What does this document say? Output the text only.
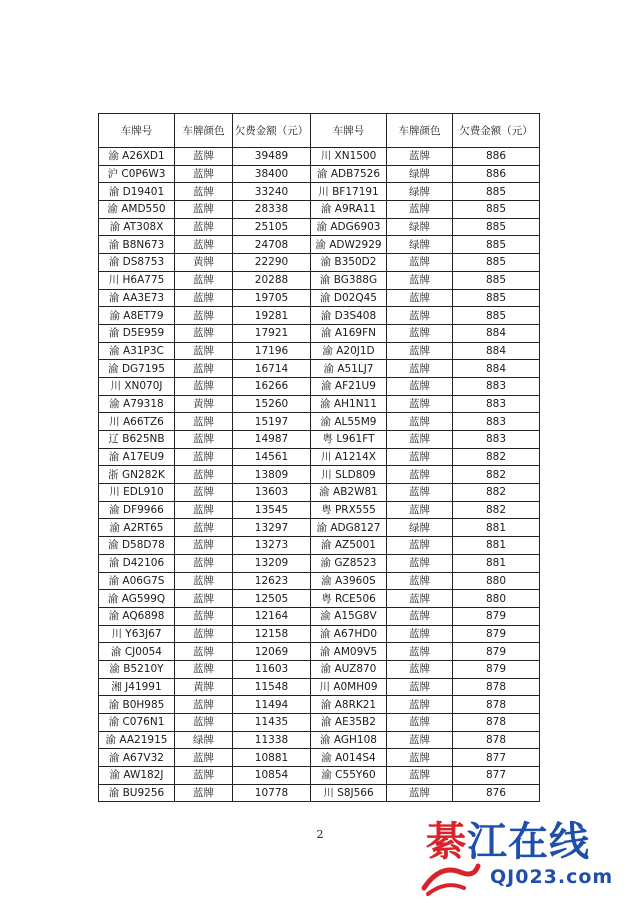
车牌号	车牌颜色	欠费金额（元）	车牌号	车牌颜色	欠费金额（元）
渝 A26XD1	蓝牌	39489	川 XN1500	蓝牌	886
沪 C0P6W3	蓝牌	38400	渝 ADB7526	绿牌	886
渝 D19401	蓝牌	33240	川 BF17191	绿牌	885
渝 AMD550	蓝牌	28338	渝 A9RA11	蓝牌	885
渝 AT308X	蓝牌	25105	渝 ADG6903	绿牌	885
渝 B8N673	蓝牌	24708	渝 ADW2929	绿牌	885
渝 DS8753	黄牌	22290	渝 B350D2	蓝牌	885
川 H6A775	蓝牌	20288	渝 BG388G	蓝牌	885
渝 AA3E73	蓝牌	19705	渝 D02Q45	蓝牌	885
渝 A8ET79	蓝牌	19281	渝 D3S408	蓝牌	885
渝 D5E959	蓝牌	17921	渝 A169FN	蓝牌	884
渝 A31P3C	蓝牌	17196	渝 A20J1D	蓝牌	884
渝 DG7195	蓝牌	16714	渝 A51LJ7	蓝牌	884
川 XN070J	蓝牌	16266	渝 AF21U9	蓝牌	883
渝 A79318	黄牌	15260	渝 AH1N11	蓝牌	883
川 A66TZ6	蓝牌	15197	渝 AL55M9	蓝牌	883
辽 B625NB	蓝牌	14987	粤 L961FT	蓝牌	883
渝 A17EU9	蓝牌	14561	川 A1214X	蓝牌	882
浙 GN282K	蓝牌	13809	川 SLD809	蓝牌	882
川 EDL910	蓝牌	13603	渝 AB2W81	蓝牌	882
渝 DF9966	蓝牌	13545	粤 PRX555	蓝牌	882
渝 A2RT65	蓝牌	13297	渝 ADG8127	绿牌	881
渝 D58D78	蓝牌	13273	渝 AZ5001	蓝牌	881
渝 D42106	蓝牌	13209	渝 GZ8523	蓝牌	881
渝 A06G7S	蓝牌	12623	渝 A3960S	蓝牌	880
渝 AG599Q	蓝牌	12505	粤 RCE506	蓝牌	880
渝 AQ6898	蓝牌	12164	渝 A15G8V	蓝牌	879
川 Y63J67	蓝牌	12158	渝 A67HD0	蓝牌	879
渝 CJ0054	蓝牌	12069	渝 AM09V5	蓝牌	879
渝 B5210Y	蓝牌	11603	渝 AUZ870	蓝牌	879
湘 J41991	黄牌	11548	川 A0MH09	蓝牌	878
渝 B0H985	蓝牌	11494	渝 A8RK21	蓝牌	878
渝 C076N1	蓝牌	11435	渝 AE35B2	蓝牌	878
渝 AA21915	绿牌	11338	渝 AGH108	蓝牌	878
渝 A67V32	蓝牌	10881	渝 A014S4	蓝牌	877
渝 AW182J	蓝牌	10854	渝 C55Y60	蓝牌	877
渝 BU9256	蓝牌	10778	川 S8J566	蓝牌	876
2	綦江在线
QJ023.com
